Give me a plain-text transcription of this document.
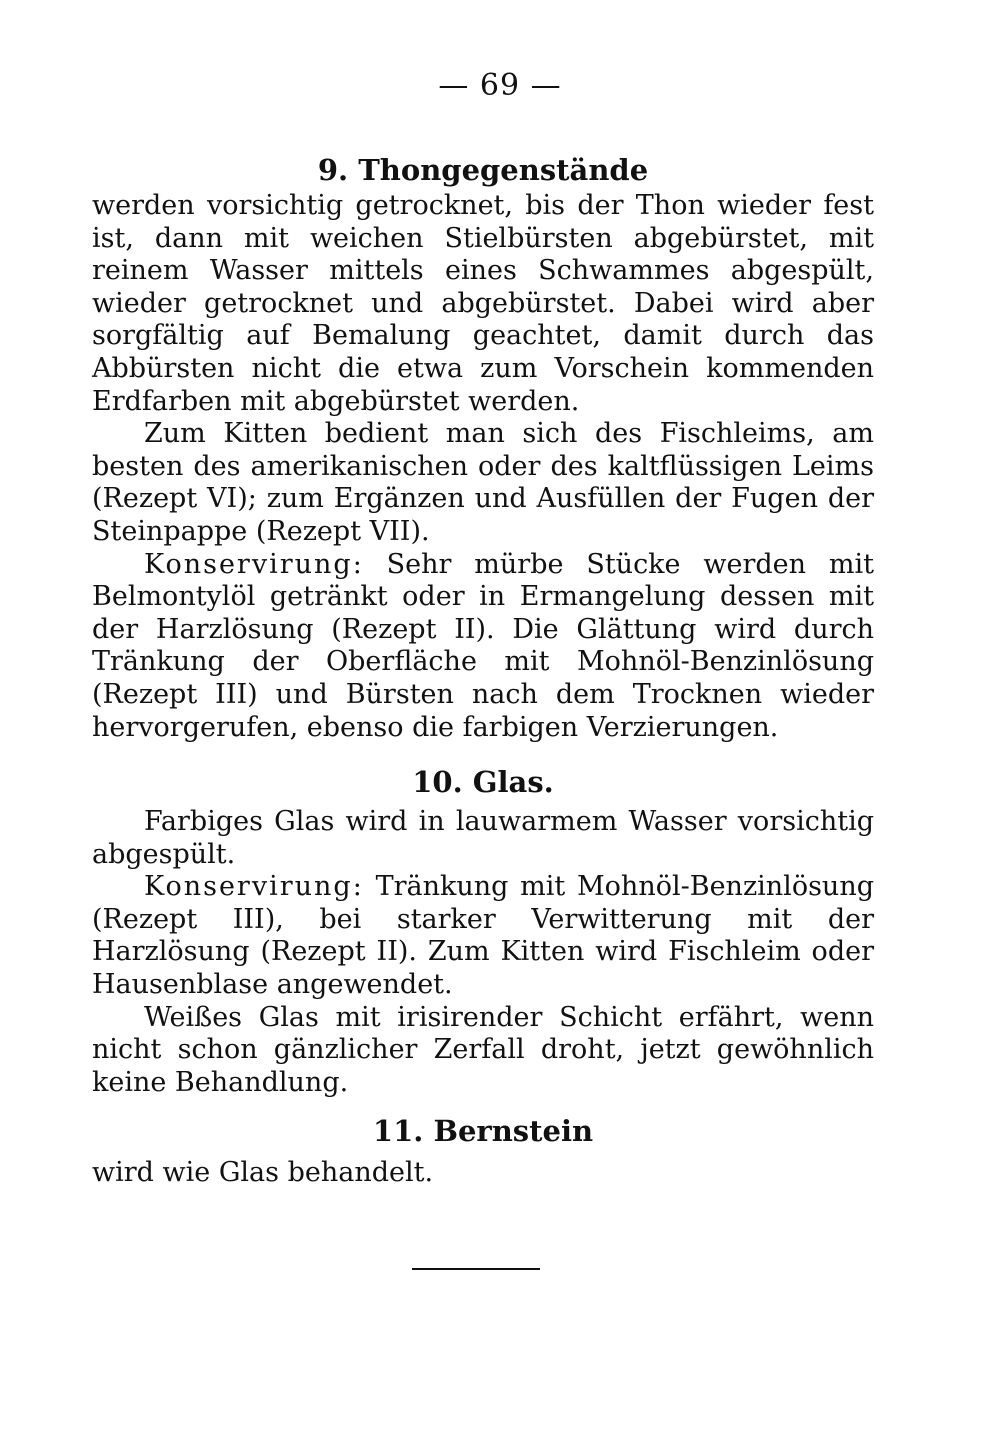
— 69 —
9. Thongegenstände

werden vorsichtig getrocknet, bis der Thon wieder fest ist, dann mit weichen Stielbürsten abgebürstet, mit reinem Wasser mittels eines Schwammes abgespült, wieder getrocknet und abgebürstet. Dabei wird aber sorgfältig auf Bemalung geachtet, damit durch das Abbürsten nicht die etwa zum Vorschein kommenden Erdfarben mit abgebürstet werden.

Zum Kitten bedient man sich des Fischleims, am besten des amerikanischen oder des kaltflüssigen Leims (Rezept VI); zum Ergänzen und Ausfüllen der Fugen der Steinpappe (Rezept VII).

Konservirung: Sehr mürbe Stücke werden mit Belmontylöl getränkt oder in Ermangelung dessen mit der Harzlösung (Rezept II). Die Glättung wird durch Tränkung der Oberfläche mit Mohnöl-Benzinlösung (Rezept III) und Bürsten nach dem Trocknen wieder hervorgerufen, ebenso die farbigen Verzierungen.

10. Glas.

Farbiges Glas wird in lauwarmem Wasser vorsichtig abgespült.

Konservirung: Tränkung mit Mohnöl-Benzinlösung (Rezept III), bei starker Verwitterung mit der Harzlösung (Rezept II). Zum Kitten wird Fischleim oder Hausenblase angewendet.

Weißes Glas mit irisirender Schicht erfährt, wenn nicht schon gänzlicher Zerfall droht, jetzt gewöhnlich keine Behandlung.

11. Bernstein

wird wie Glas behandelt.
